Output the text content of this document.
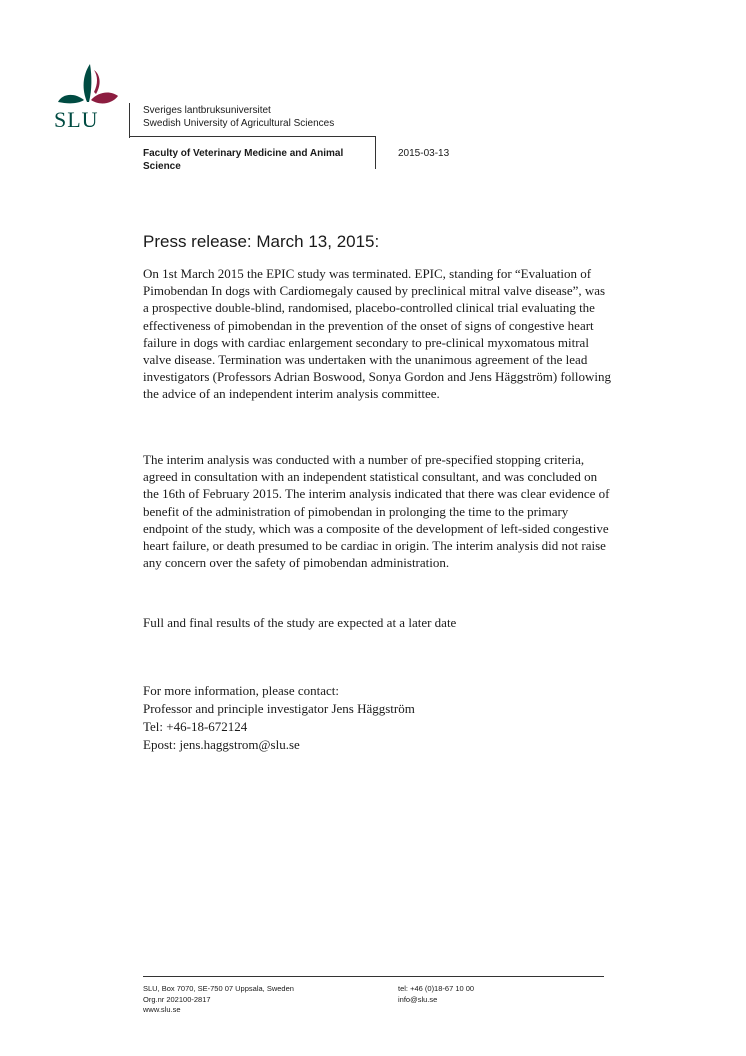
SLU	Sveriges lantbruksuniversitet
Swedish University of Agricultural Sciences
Faculty of Veterinary Medicine and Animal Science
2015-03-13
Press release: March 13, 2015:
On 1st March 2015 the EPIC study was terminated. EPIC, standing for “Evaluation of Pimobendan In dogs with Cardiomegaly caused by preclinical mitral valve disease”, was a prospective double-blind, randomised, placebo-controlled clinical trial evaluating the effectiveness of pimobendan in the prevention of the onset of signs of congestive heart failure in dogs with cardiac enlargement secondary to pre-clinical myxomatous mitral valve disease. Termination was undertaken with the unanimous agreement of the lead investigators (Professors Adrian Boswood, Sonya Gordon and Jens Häggström) following the advice of an independent interim analysis committee.
The interim analysis was conducted with a number of pre-specified stopping criteria, agreed in consultation with an independent statistical consultant, and was concluded on the 16th of February 2015. The interim analysis indicated that there was clear evidence of benefit of the administration of pimobendan in prolonging the time to the primary endpoint of the study, which was a composite of the development of left-sided congestive heart failure, or death presumed to be cardiac in origin. The interim analysis did not raise any concern over the safety of pimobendan administration.
Full and final results of the study are expected at a later date
For more information, please contact:
Professor and principle investigator Jens Häggström
Tel: +46-18-672124
Epost: jens.haggstrom@slu.se
SLU, Box 7070, SE-750 07 Uppsala, Sweden
Org.nr 202100-2817
www.slu.se
tel: +46 (0)18-67 10 00
info@slu.se
